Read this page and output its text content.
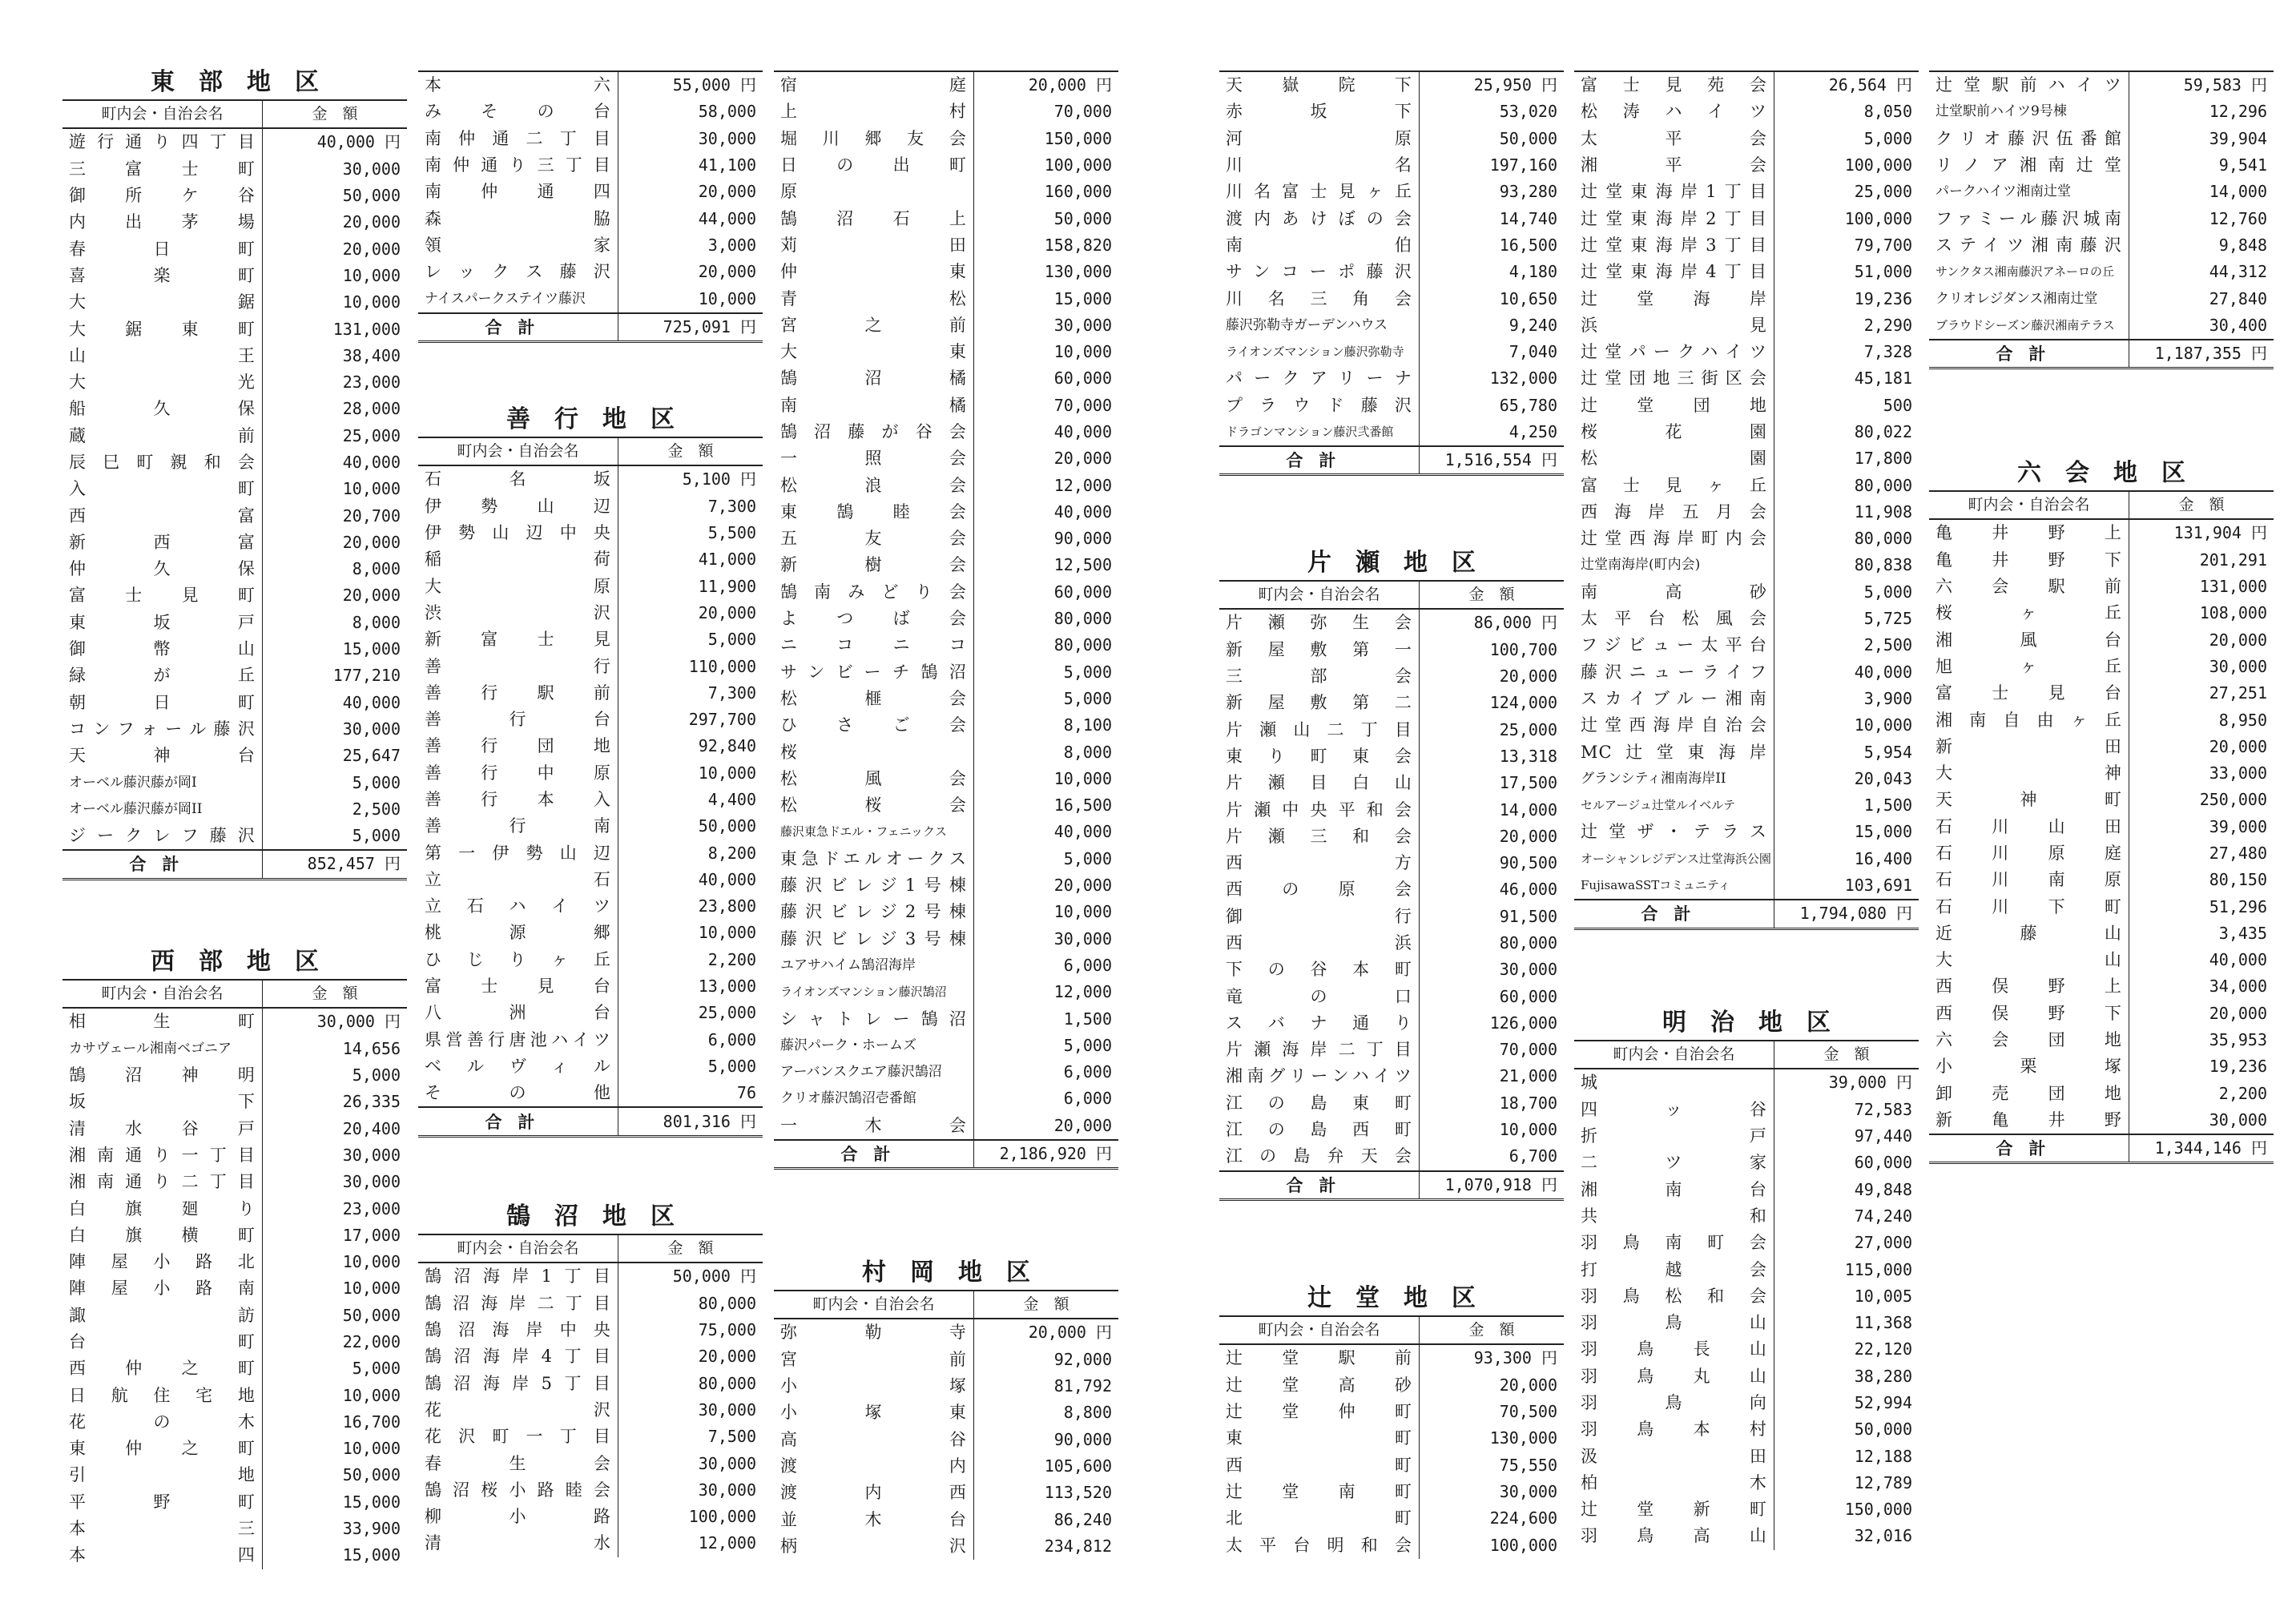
東部地区
町内会・自治会名	金　額
遊行通り四丁目	40,000 円
三富士町	30,000
御所ケ谷	50,000
内出茅場	20,000
春日町	20,000
喜楽町	10,000
大鋸	10,000
大鋸東町	131,000
山王	38,400
大光	23,000
船久保	28,000
蔵前	25,000
辰巳町親和会	40,000
入町	10,000
西富	20,700
新西富	20,000
仲久保	8,000
富士見町	20,000
東坂戸	8,000
御幣山	15,000
緑が丘	177,210
朝日町	40,000
コンフォール藤沢	30,000
天神台	25,647
オーベル藤沢藤が岡I	5,000
オーベル藤沢藤が岡II	2,500
ジークレフ藤沢	5,000
合計	852,457 円
西部地区
町内会・自治会名	金　額
相生町	30,000 円
カサヴェール湘南ベゴニア	14,656
鵠沼神明	5,000
坂下	26,335
清水谷戸	20,400
湘南通り一丁目	30,000
湘南通り二丁目	30,000
白旗廻り	23,000
白旗横町	17,000
陣屋小路北	10,000
陣屋小路南	10,000
諏訪	50,000
台町	22,000
西仲之町	5,000
日航住宅地	10,000
花の木	16,700
東仲之町	10,000
引地	50,000
平野町	15,000
本三	33,900
本四	15,000
本六	55,000 円
みその台	58,000
南仲通二丁目	30,000
南仲通り三丁目	41,100
南仲通四	20,000
森脇	44,000
領家	3,000
レックス藤沢	20,000
ナイスパークステイツ藤沢	10,000
合計	725,091 円
善行地区
町内会・自治会名	金　額
石名坂	5,100 円
伊勢山辺	7,300
伊勢山辺中央	5,500
稲荷	41,000
大原	11,900
渋沢	20,000
新富士見	5,000
善行	110,000
善行駅前	7,300
善行台	297,700
善行団地	92,840
善行中原	10,000
善行本入	4,400
善行南	50,000
第一伊勢山辺	8,200
立石	40,000
立石ハイツ	23,800
桃源郷	10,000
ひじりヶ丘	2,200
富士見台	13,000
八洲台	25,000
県営善行唐池ハイツ	6,000
ベルヴィル	5,000
その他	76
合計	801,316 円
鵠沼地区
町内会・自治会名	金　額
鵠沼海岸1丁目	50,000 円
鵠沼海岸二丁目	80,000
鵠沼海岸中央	75,000
鵠沼海岸4丁目	20,000
鵠沼海岸5丁目	80,000
花沢	30,000
花沢町一丁目	7,500
春生会	30,000
鵠沼桜小路睦会	30,000
柳小路	100,000
清水	12,000
宿庭	20,000 円
上村	70,000
堀川郷友会	150,000
日の出町	100,000
原	160,000
鵠沼石上	50,000
苅田	158,820
仲東	130,000
青松	15,000
宮之前	30,000
大東	10,000
鵠沼橘	60,000
南橘	70,000
鵠沼藤が谷会	40,000
一照会	20,000
松浪会	12,000
東鵠睦会	40,000
五友会	90,000
新樹会	12,500
鵠南みどり会	60,000
よつば会	80,000
ニコニコ	80,000
サンビーチ鵠沼	5,000
松榧会	5,000
ひさご会	8,100
桜	8,000
松風会	10,000
松桜会	16,500
藤沢東急ドエル・フェニックス	40,000
東急ドエルオークス	5,000
藤沢ビレジ1号棟	20,000
藤沢ビレジ2号棟	10,000
藤沢ビレジ3号棟	30,000
ユアサハイム鵠沼海岸	6,000
ライオンズマンション藤沢鵠沼	12,000
シャトレー鵠沼	1,500
藤沢パーク・ホームズ	5,000
アーバンスクエア藤沢鵠沼	6,000
クリオ藤沢鵠沼壱番館	6,000
一木会	20,000
合計	2,186,920 円
村岡地区
町内会・自治会名	金　額
弥勒寺	20,000 円
宮前	92,000
小塚	81,792
小塚東	8,800
高谷	90,000
渡内	105,600
渡内西	113,520
並木台	86,240
柄沢	234,812
天嶽院下	25,950 円
赤坂下	53,020
河原	50,000
川名	197,160
川名富士見ヶ丘	93,280
渡内あけぼの会	14,740
南伯	16,500
サンコーポ藤沢	4,180
川名三角会	10,650
藤沢弥勒寺ガーデンハウス	9,240
ライオンズマンション藤沢弥勒寺	7,040
パークアリーナ	132,000
プラウド藤沢	65,780
ドラゴンマンション藤沢弐番館	4,250
合計	1,516,554 円
片瀬地区
町内会・自治会名	金　額
片瀬弥生会	86,000 円
新屋敷第一	100,700
三部会	20,000
新屋敷第二	124,000
片瀬山二丁目	25,000
東り町東会	13,318
片瀬目白山	17,500
片瀬中央平和会	14,000
片瀬三和会	20,000
西方	90,500
西の原会	46,000
御行	91,500
西浜	80,000
下の谷本町	30,000
竜の口	60,000
スバナ通り	126,000
片瀬海岸二丁目	70,000
湘南グリーンハイツ	21,000
江の島東町	18,700
江の島西町	10,000
江の島弁天会	6,700
合計	1,070,918 円
辻堂地区
町内会・自治会名	金　額
辻堂駅前	93,300 円
辻堂高砂	20,000
辻堂仲町	70,500
東町	130,000
西町	75,550
辻堂南町	30,000
北町	224,600
太平台明和会	100,000
富士見苑会	26,564 円
松涛ハイツ	8,050
太平会	5,000
湘平会	100,000
辻堂東海岸1丁目	25,000
辻堂東海岸2丁目	100,000
辻堂東海岸3丁目	79,700
辻堂東海岸4丁目	51,000
辻堂海岸	19,236
浜見	2,290
辻堂パークハイツ	7,328
辻堂団地三街区会	45,181
辻堂団地	500
桜花園	80,022
松園	17,800
富士見ヶ丘	80,000
西海岸五月会	11,908
辻堂西海岸町内会	80,000
辻堂南海岸(町内会)	80,838
南高砂	5,000
太平台松風会	5,725
フジビュー太平台	2,500
藤沢ニューライフ	40,000
スカイブルー湘南	3,900
辻堂西海岸自治会	10,000
MC辻堂東海岸	5,954
グランシティ湘南海岸II	20,043
セルアージュ辻堂ルイベルテ	1,500
辻堂ザ・テラス	15,000
オーシャンレジデンス辻堂海浜公園	16,400
FujisawaSSTコミュニティ	103,691
合計	1,794,080 円
明治地区
町内会・自治会名	金　額
城	39,000 円
四ッ谷	72,583
折戸	97,440
二ツ家	60,000
湘南台	49,848
共和	74,240
羽鳥南町会	27,000
打越会	115,000
羽鳥松和会	10,005
羽鳥山	11,368
羽鳥長山	22,120
羽鳥丸山	38,280
羽鳥向	52,994
羽鳥本村	50,000
汲田	12,188
柏木	12,789
辻堂新町	150,000
羽鳥高山	32,016
辻堂駅前ハイツ	59,583 円
辻堂駅前ハイツ9号棟	12,296
クリオ藤沢伍番館	39,904
リノア湘南辻堂	9,541
パークハイツ湘南辻堂	14,000
ファミール藤沢城南	12,760
ステイツ湘南藤沢	9,848
サンクタス湘南藤沢アネーロの丘	44,312
クリオレジダンス湘南辻堂	27,840
ブラウドシーズン藤沢湘南テラス	30,400
合計	1,187,355 円
六会地区
町内会・自治会名	金　額
亀井野上	131,904 円
亀井野下	201,291
六会駅前	131,000
桜ヶ丘	108,000
湘風台	20,000
旭ヶ丘	30,000
富士見台	27,251
湘南自由ヶ丘	8,950
新田	20,000
大神	33,000
天神町	250,000
石川山田	39,000
石川原庭	27,480
石川南原	80,150
石川下町	51,296
近藤山	3,435
大山	40,000
西俣野上	34,000
西俣野下	20,000
六会団地	35,953
小栗塚	19,236
卸売団地	2,200
新亀井野	30,000
合計	1,344,146 円
